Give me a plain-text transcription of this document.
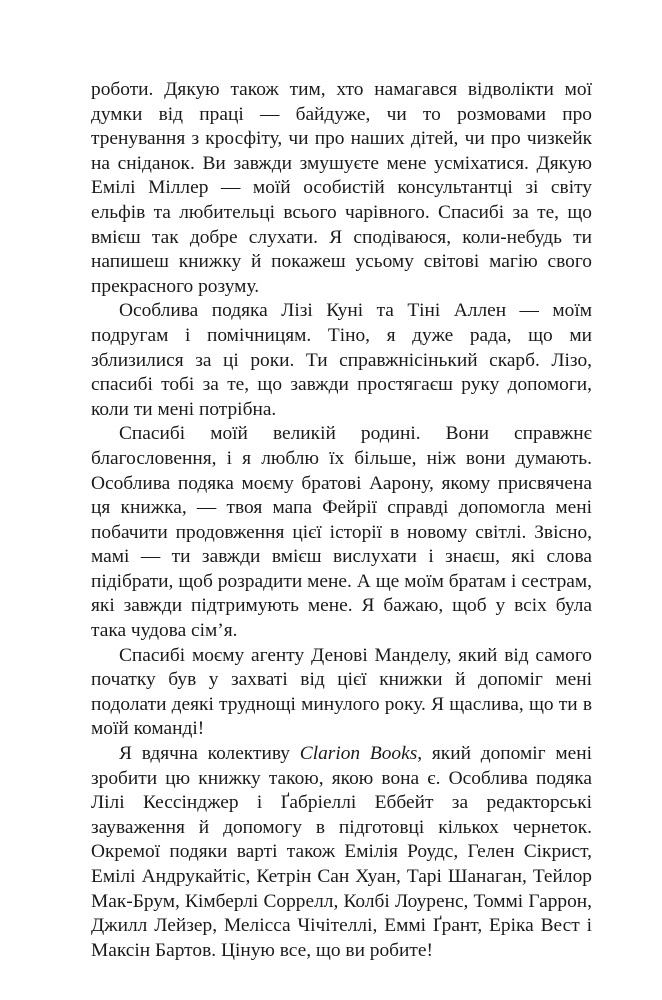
роботи. Дякую також тим, хто намагався відволікти мої думки від праці — байдуже, чи то розмовами про тренування з кросфіту, чи про наших дітей, чи про чизкейк на сніданок. Ви завжди змушуєте мене усміхатися. Дякую Емілі Міллер — моїй особистій консультантці зі світу ельфів та любительці всього чарівного. Спасибі за те, що вмієш так добре слухати. Я сподіваюся, коли-небудь ти напишеш книжку й покажеш усьому світові магію свого прекрасного розуму.

Особлива подяка Лізі Куні та Тіні Аллен — моїм подругам і помічницям. Тіно, я дуже рада, що ми зблизилися за ці роки. Ти справжнісінький скарб. Лізо, спасибі тобі за те, що завжди простягаєш руку допомоги, коли ти мені потрібна.

Спасибі моїй великій родині. Вони справжнє благословення, і я люблю їх більше, ніж вони думають. Особлива подяка моєму братові Аарону, якому присвячена ця книжка, — твоя мапа Фейрії справді допомогла мені побачити продовження цієї історії в новому світлі. Звісно, мамі — ти завжди вмієш вислухати і знаєш, які слова підібрати, щоб розрадити мене. А ще моїм братам і сестрам, які завжди підтримують мене. Я бажаю, щоб у всіх була така чудова сім’я.

Спасибі моєму агенту Денові Манделу, який від самого початку був у захваті від цієї книжки й допоміг мені подолати деякі труднощі минулого року. Я щаслива, що ти в моїй команді!

Я вдячна колективу Clarion Books, який допоміг мені зробити цю книжку такою, якою вона є. Особлива подяка Лілі Кессінджер і Ґабріеллі Еббейт за редакторські зауваження й допомогу в підготовці кількох чернеток. Окремої подяки варті також Емілія Роудс, Гелен Сікрист, Емілі Андрукайтіс, Кетрін Сан Хуан, Тарі Шанаган, Тейлор Мак-Брум, Кімберлі Соррелл, Колбі Лоуренс, Томмі Гаррон, Джилл Лейзер, Мелісса Чічітеллі, Еммі Ґрант, Еріка Вест і Максін Бартов. Ціную все, що ви робите!
